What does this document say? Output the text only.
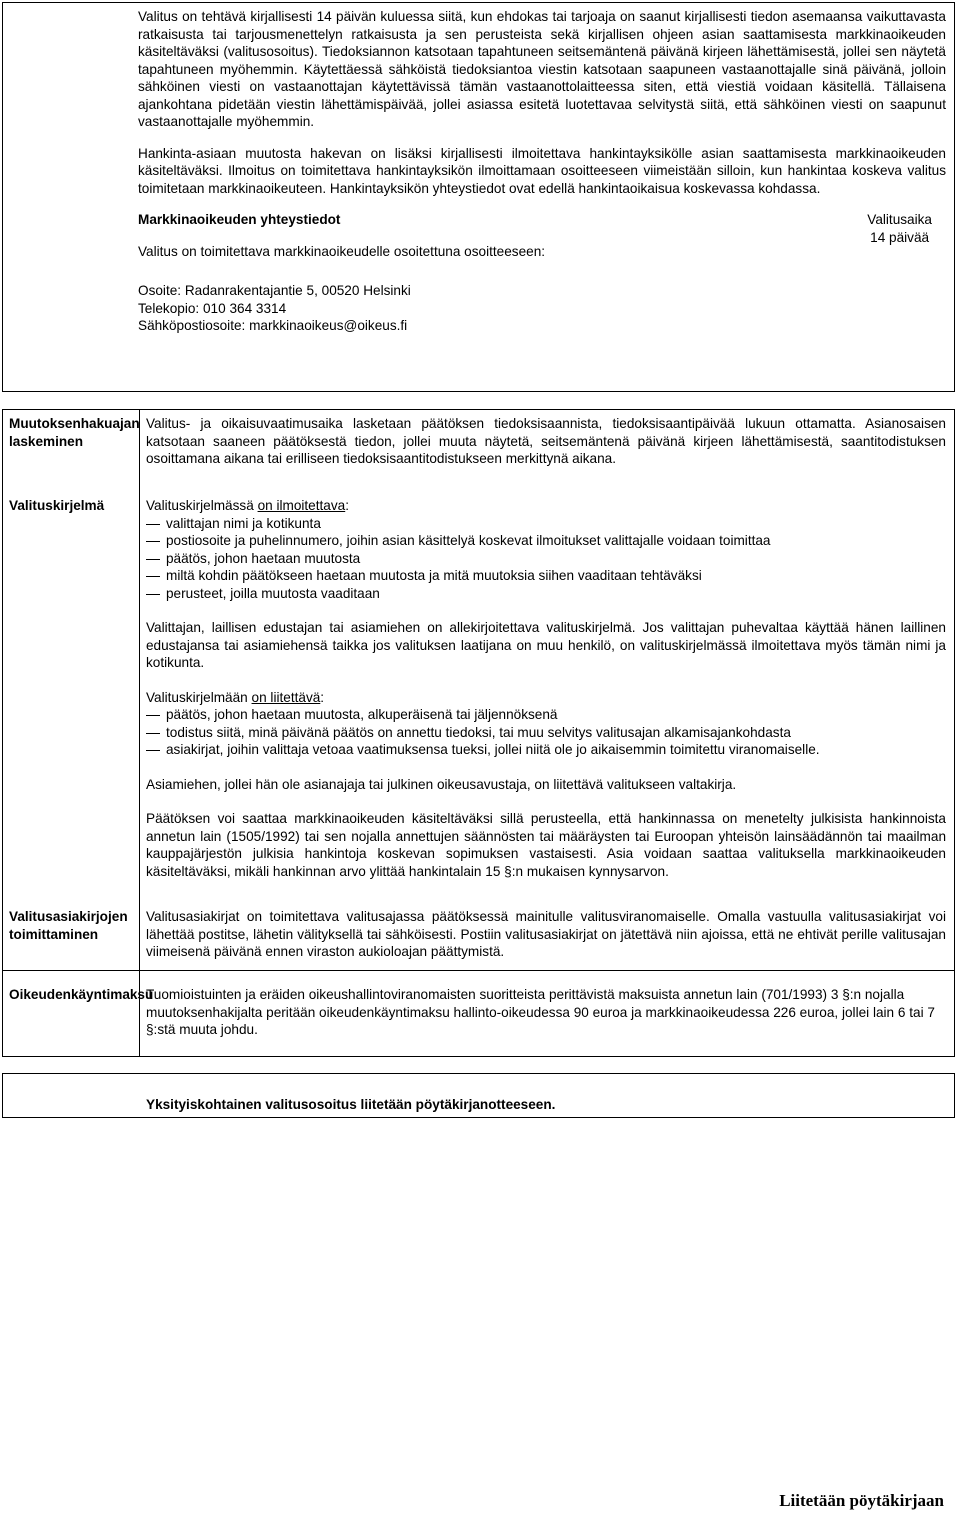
Valitus on tehtävä kirjallisesti 14 päivän kuluessa siitä, kun ehdokas tai tarjoaja on saanut kirjallisesti tiedon asemaansa vaikuttavasta ratkaisusta tai tarjousmenettelyn ratkaisusta ja sen perusteista sekä kirjallisen ohjeen asian saattamisesta markkinaoikeuden käsiteltäväksi (valitusosoitus). Tiedoksiannon katsotaan tapahtuneen seitsemäntenä päivänä kirjeen lähettämisestä, jollei sen näytetä tapahtuneen myöhemmin. Käytettäessä sähköistä tiedoksiantoa viestin katsotaan saapuneen vastaanottajalle sinä päivänä, jolloin sähköinen viesti on vastaanottajan käytettävissä tämän vastaanottolaitteessa siten, että viestiä voidaan käsitellä. Tällaisena ajankohtana pidetään viestin lähettämispäivää, jollei asiassa esitetä luotettavaa selvitystä siitä, että sähköinen viesti on saapunut vastaanottajalle myöhemmin.

Hankinta-asiaan muutosta hakevan on lisäksi kirjallisesti ilmoitettava hankintayksikölle asian saattamisesta markkinaoikeuden käsiteltäväksi. Ilmoitus on toimitettava hankintayksikön ilmoittamaan osoitteeseen viimeistään silloin, kun hankintaa koskeva valitus toimitetaan markkinaoikeuteen. Hankintayksikön yhteystiedot ovat edellä hankintaoikaisua koskevassa kohdassa.

Markkinaoikeuden yhteystiedot

Valitus on toimitettava markkinaoikeudelle osoitettuna osoitteeseen:

Valitusaika

14 päivää

Osoite: Radanrakentajantie 5, 00520 Helsinki

Telekopio: 010 364 3314

Sähköpostiosoite: markkinaoikeus@oikeus.fi

Muutoksenhakuajan laskeminen
Valitus- ja oikaisuvaatimusaika lasketaan päätöksen tiedoksisaannista, tiedoksisaantipäivää lukuun ottamatta. Asianosaisen katsotaan saaneen päätöksestä tiedon, jollei muuta näytetä, seitsemäntenä päivänä kirjeen lähettämisestä, saantitodistuksen osoittamana aikana tai erilliseen tiedoksisaantitodistukseen merkittynä aikana.
Valituskirjelmä	Valituskirjelmässä on ilmoitettava:

valittajan nimi ja kotikunta
postiosoite ja puhelinnumero, joihin asian käsittelyä koskevat ilmoitukset valittajalle voidaan toimittaa
päätös, johon haetaan muutosta
miltä kohdin päätökseen haetaan muutosta ja mitä muutoksia siihen vaaditaan tehtäväksi
perusteet, joilla muutosta vaaditaan

Valittajan, laillisen edustajan tai asiamiehen on allekirjoitettava valituskirjelmä. Jos valittajan puhevaltaa käyttää hänen laillinen edustajansa tai asiamiehensä taikka jos valituksen laatijana on muu henkilö, on valituskirjelmässä ilmoitettava myös tämän nimi ja kotikunta.

Valituskirjelmään on liitettävä:

päätös, johon haetaan muutosta, alkuperäisenä tai jäljennöksenä
todistus siitä, minä päivänä päätös on annettu tiedoksi, tai muu selvitys valitusajan alkamisajankohdasta
asiakirjat, joihin valittaja vetoaa vaatimuksensa tueksi, jollei niitä ole jo aikaisemmin toimitettu viranomaiselle.

Asiamiehen, jollei hän ole asianajaja tai julkinen oikeusavustaja, on liitettävä valitukseen valtakirja.

Päätöksen voi saattaa markkinaoikeuden käsiteltäväksi sillä perusteella, että hankinnassa on menetelty julkisista hankinnoista annetun lain (1505/1992) tai sen nojalla annettujen säännösten tai määräysten tai Euroopan yhteisön lainsäädännön tai maailman kauppajärjestön julkisia hankintoja koskevan sopimuksen vastaisesti. Asia voidaan saattaa valituksella markkinaoikeuden käsiteltäväksi, mikäli hankinnan arvo ylittää hankintalain 15 §:n mukaisen kynnysarvon.

Valitusasiakirjojen toimittaminen
Valitusasiakirjat on toimitettava valitusajassa päätöksessä mainitulle valitusviranomaiselle. Omalla vastuulla valitusasiakirjat voi lähettää postitse, lähetin välityksellä tai sähköisesti. Postiin valitusasiakirjat on jätettävä niin ajoissa, että ne ehtivät perille valitusajan viimeisenä päivänä ennen viraston aukioloajan päättymistä.
Oikeudenkäyntimaksu
Tuomioistuinten ja eräiden oikeushallintoviranomaisten suoritteista perittävistä maksuista annetun lain (701/1993) 3 §:n nojalla muutoksenhakijalta peritään oikeudenkäyntimaksu hallinto-oikeudessa 90 euroa ja markkinaoikeudessa 226 euroa, jollei lain 6 tai 7 §:stä muuta johdu.
Yksityiskohtainen valitusosoitus liitetään pöytäkirjanotteeseen.
Liitetään pöytäkirjaan
